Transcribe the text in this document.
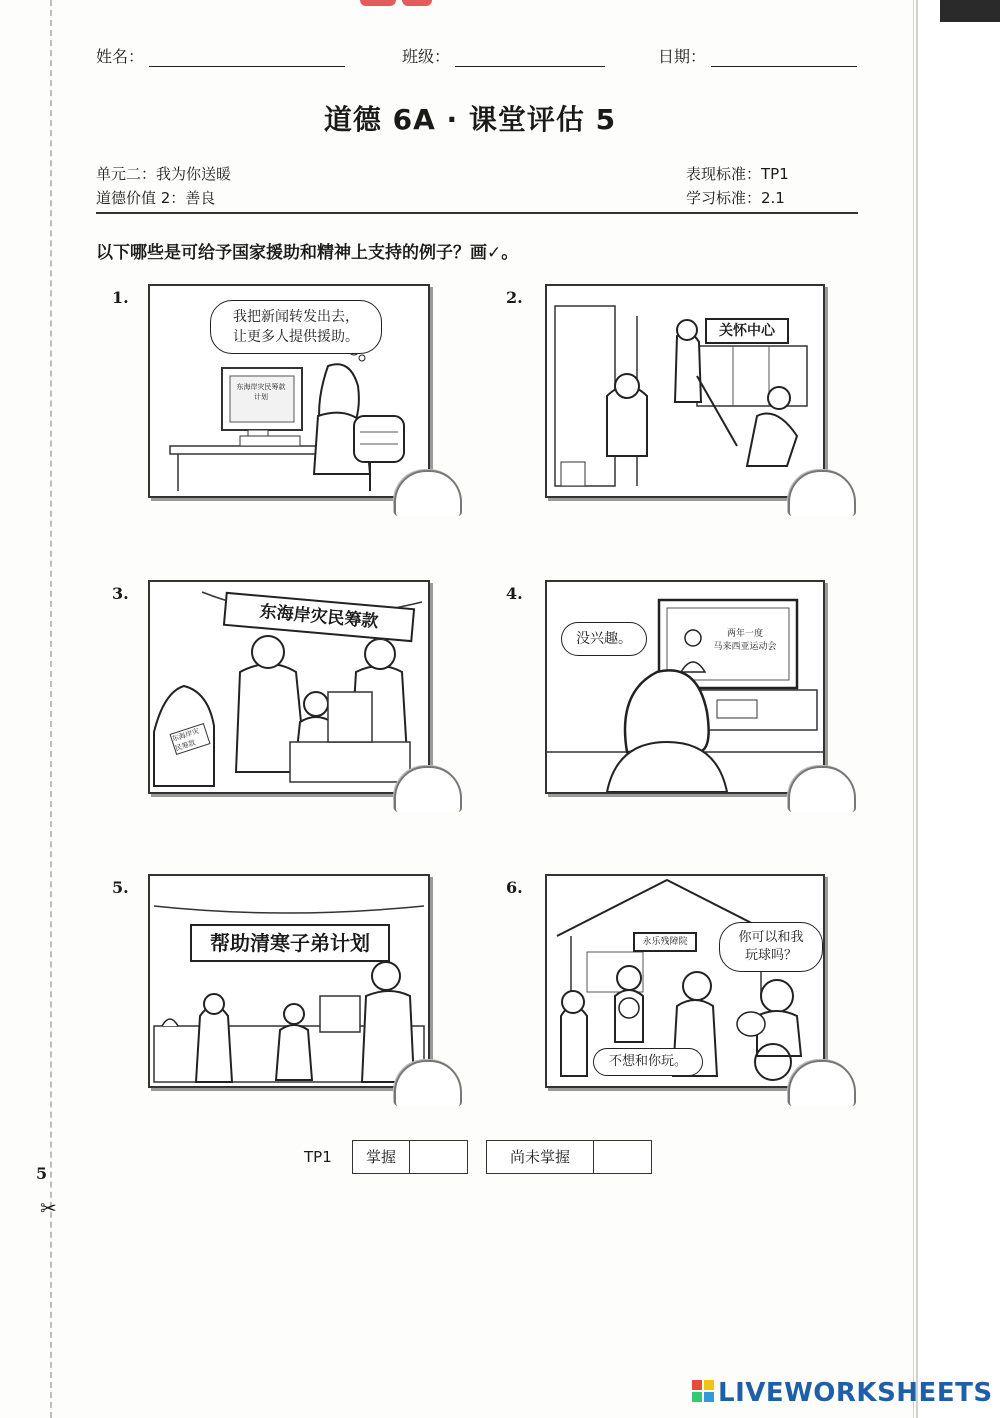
姓名：	班级：	日期：
道德 6A · 课堂评估 5
单元二：我为你送暖
道德价值 2：善良
表现标准：TP1
学习标准：2.1
以下哪些是可给予国家援助和精神上支持的例子？画✓。
1.
我把新闻转发出去，
让更多人提供援助。
东海岸灾民筹款计划
2.
关怀中心
3.
东海岸灾民筹款
东海岸灾民筹款
4.
没兴趣。	两年一度
马来西亚运动会
5.
帮助清寒子弟计划
6.
永乐残障院	你可以和我
玩球吗？
不想和你玩。
TP1	掌握	尚未掌握
5
✂
LIVEWORKSHEETS
